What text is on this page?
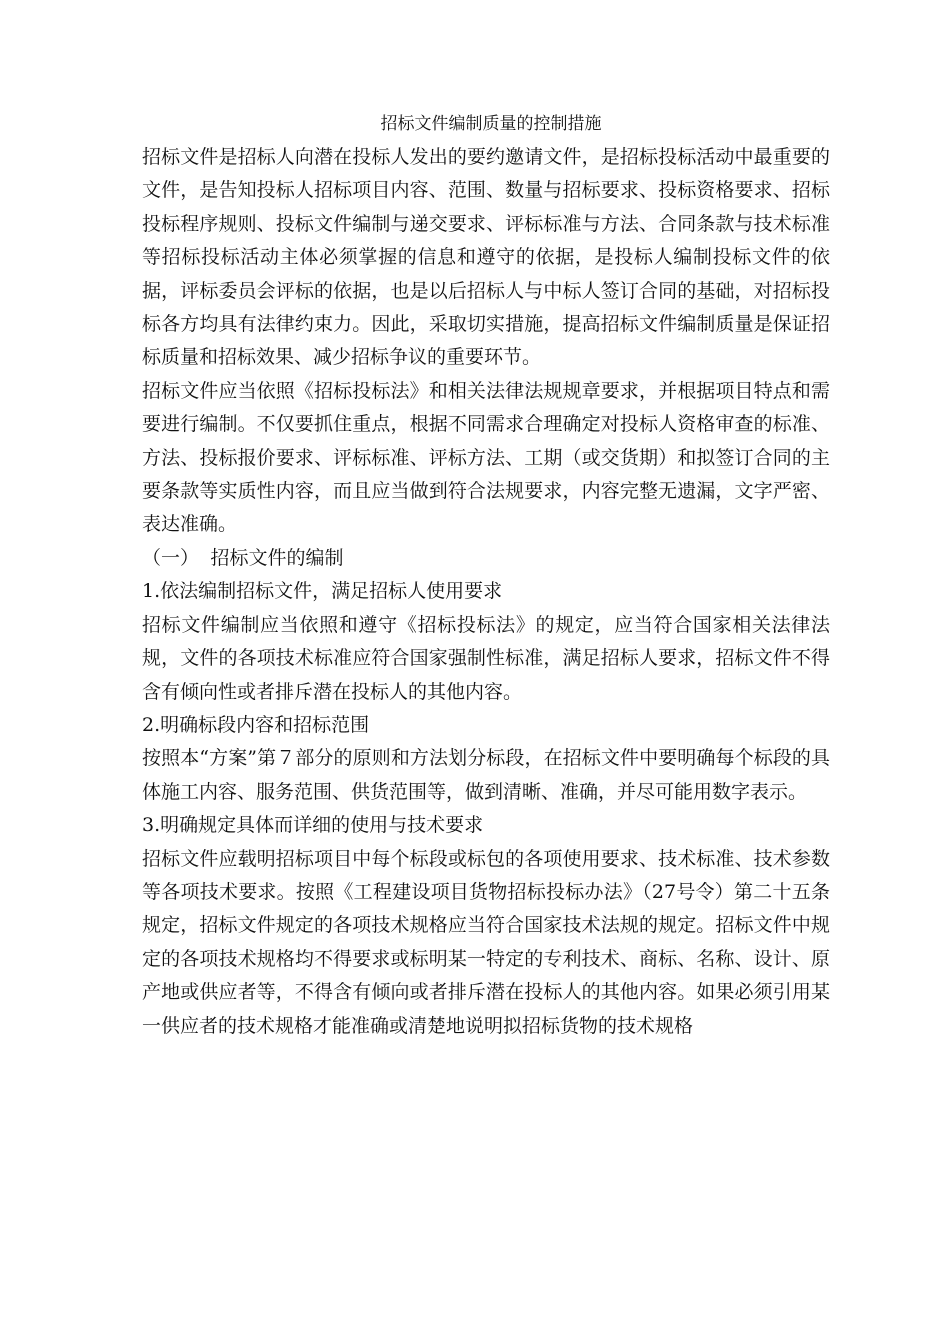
招标文件编制质量的控制措施

招标文件是招标人向潜在投标人发出的要约邀请文件，是招标投标活动中最重要的文件，是告知投标人招标项目内容、范围、数量与招标要求、投标资格要求、招标投标程序规则、投标文件编制与递交要求、评标标准与方法、合同条款与技术标准等招标投标活动主体必须掌握的信息和遵守的依据，是投标人编制投标文件的依据，评标委员会评标的依据，也是以后招标人与中标人签订合同的基础，对招标投标各方均具有法律约束力。因此，采取切实措施，提高招标文件编制质量是保证招标质量和招标效果、减少招标争议的重要环节。

招标文件应当依照《招标投标法》和相关法律法规规章要求，并根据项目特点和需要进行编制。不仅要抓住重点，根据不同需求合理确定对投标人资格审查的标准、方法、投标报价要求、评标标准、评标方法、工期（或交货期）和拟签订合同的主要条款等实质性内容，而且应当做到符合法规要求，内容完整无遗漏，文字严密、表达准确。

（一）  招标文件的编制
1.依法编制招标文件，满足招标人使用要求

招标文件编制应当依照和遵守《招标投标法》的规定，应当符合国家相关法律法规，文件的各项技术标准应符合国家强制性标准，满足招标人要求，招标文件不得含有倾向性或者排斥潜在投标人的其他内容。

2.明确标段内容和招标范围

按照本“方案”第７部分的原则和方法划分标段，在招标文件中要明确每个标段的具体施工内容、服务范围、供货范围等，做到清晰、准确，并尽可能用数字表示。

3.明确规定具体而详细的使用与技术要求

招标文件应载明招标项目中每个标段或标包的各项使用要求、技术标准、技术参数等各项技术要求。按照《工程建设项目货物招标投标办法》（27号令）第二十五条规定，招标文件规定的各项技术规格应当符合国家技术法规的规定。招标文件中规定的各项技术规格均不得要求或标明某一特定的专利技术、商标、名称、设计、原产地或供应者等，不得含有倾向或者排斥潜在投标人的其他内容。如果必须引用某一供应者的技术规格才能准确或清楚地说明拟招标货物的技术规格
